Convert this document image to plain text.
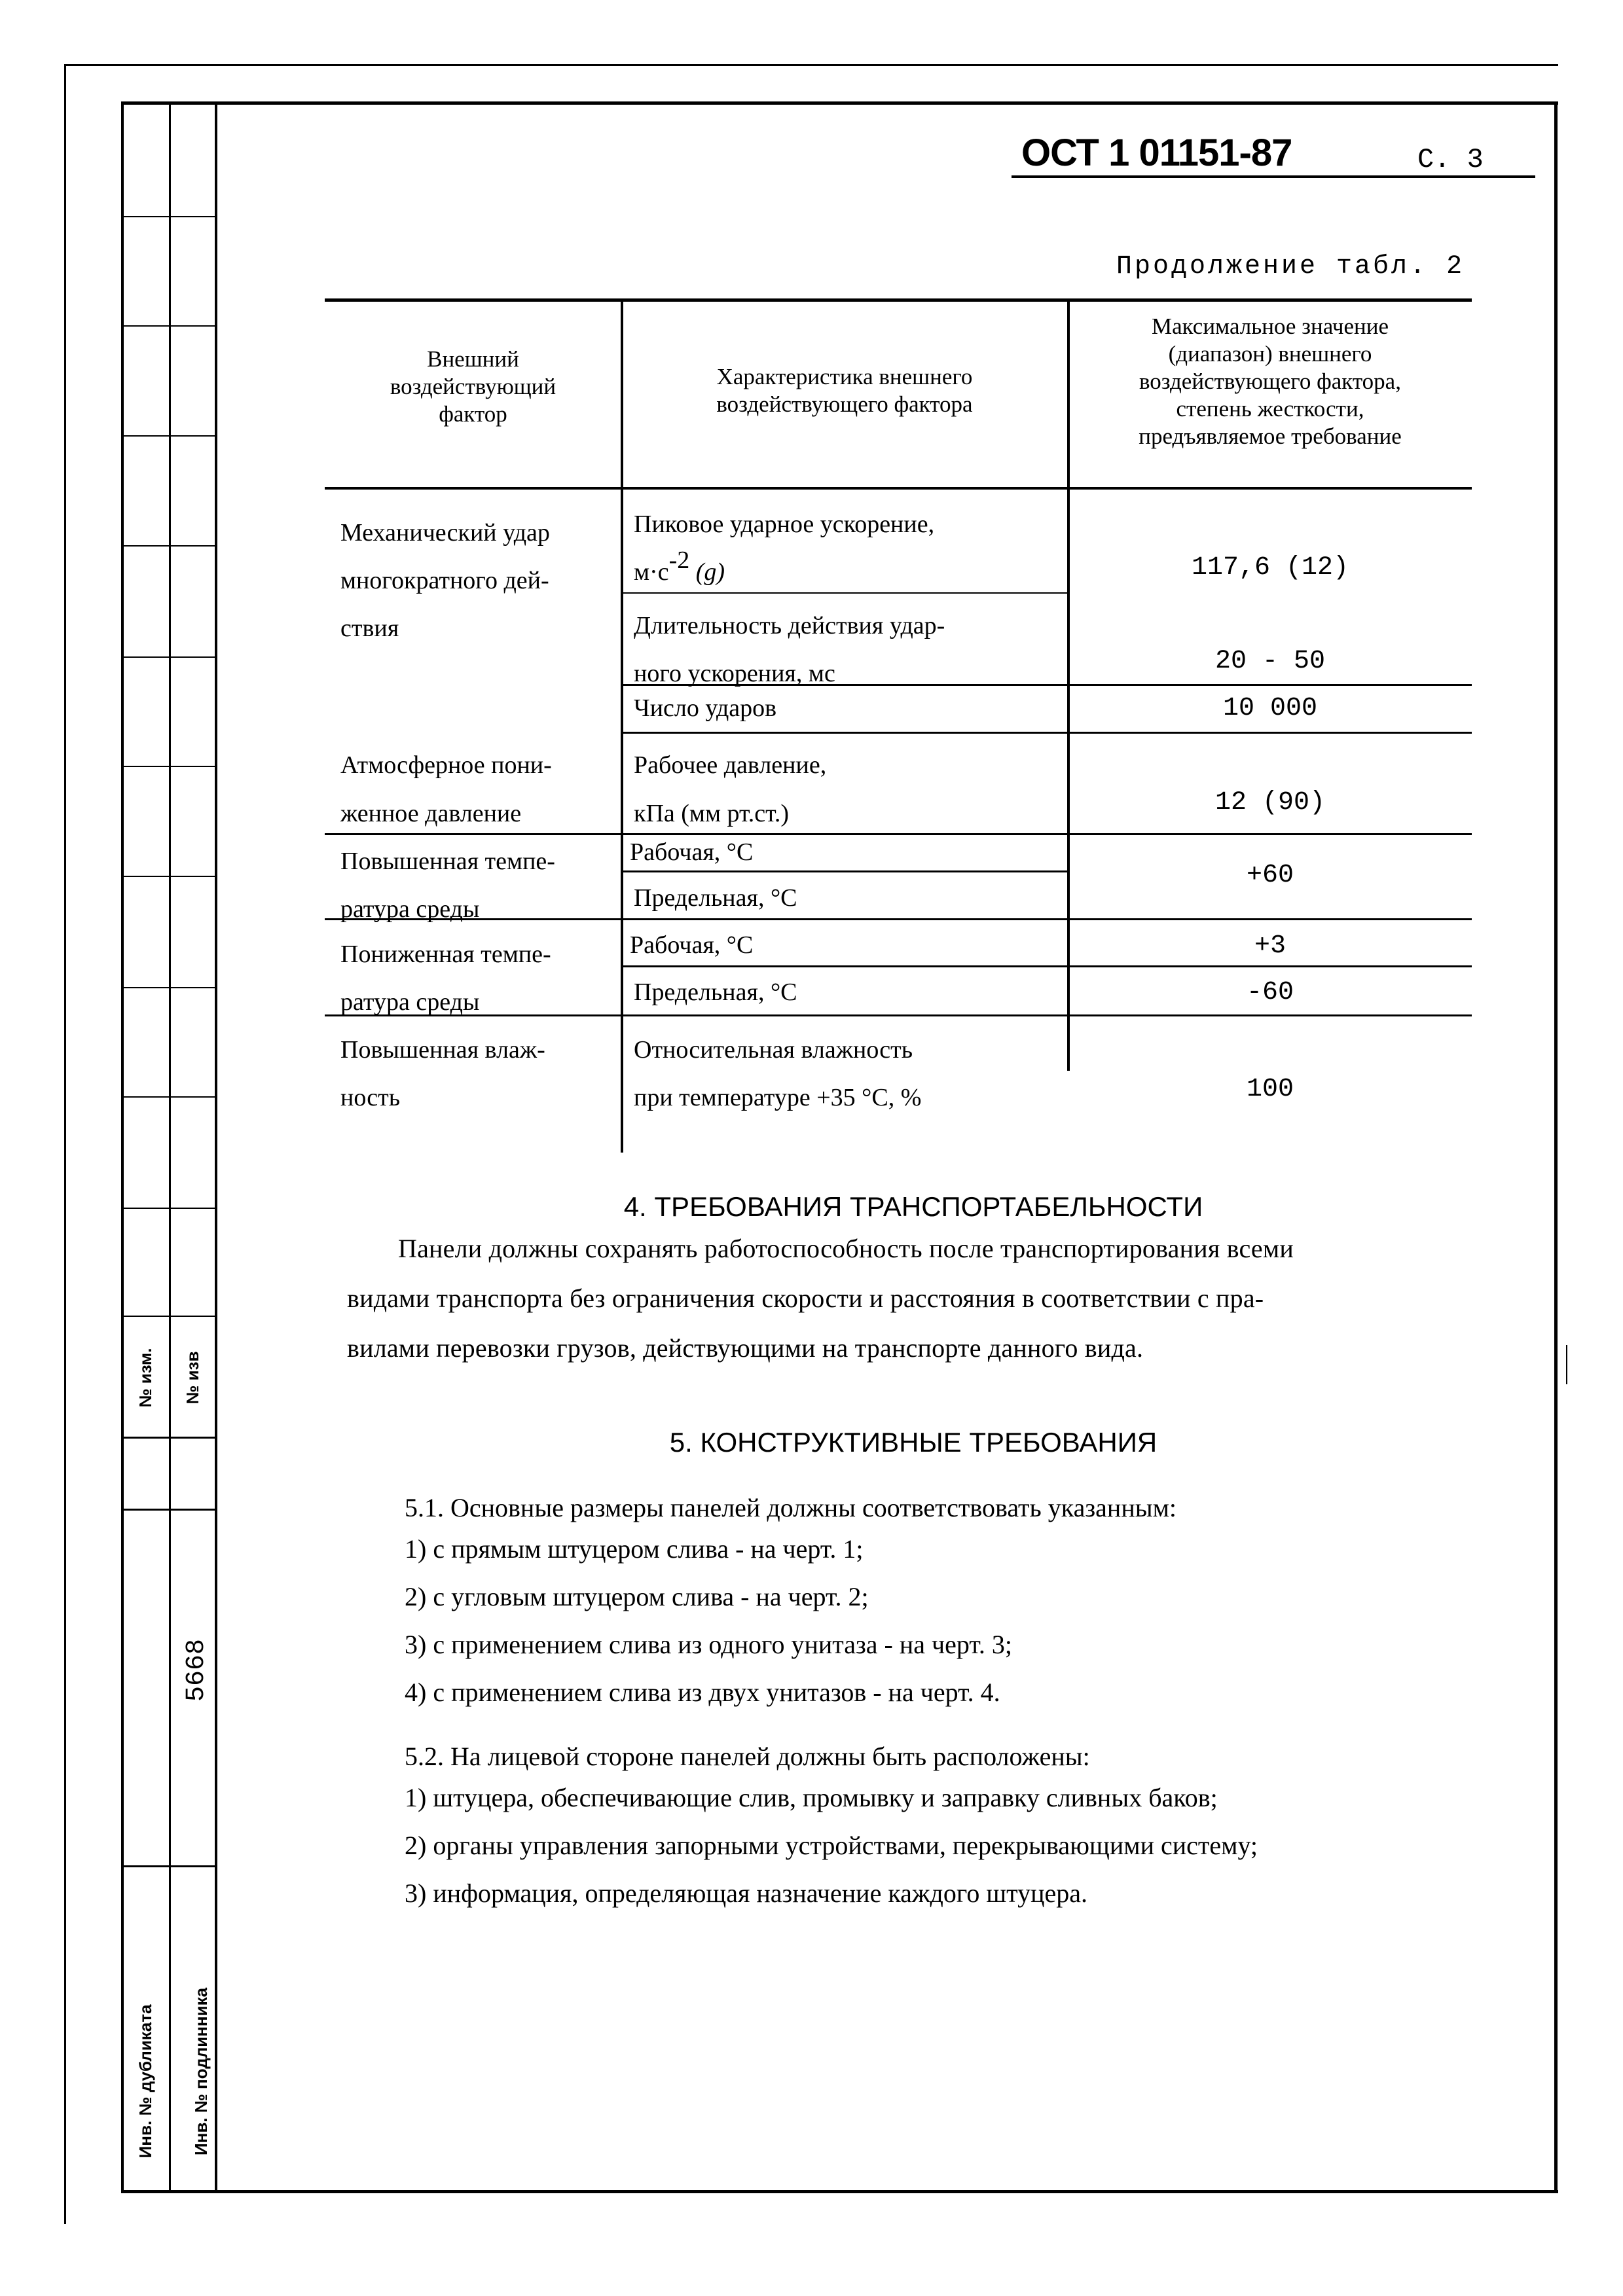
№ изм. № изв
5668
Инв. № дубликата Инв. № подлинника
ОСТ 1 01151-87	С. 3
Продолжение табл. 2
Внешний
воздействующий
фактор
Характеристика внешнего
воздействующего фактора
Максимальное значение
(диапазон) внешнего
воздействующего фактора,
степень жесткости,
предъявляемое требование
Механический удар
многократного дей-
ствия
Атмосферное пони-
женное давление
Повышенная темпе-
ратура среды
Пониженная темпе-
ратура среды
Повышенная влаж-
ность
Пиковое ударное ускорение,
$м\cdot с^{-2}$ (g)
Длительность действия удар-
ного ускорения, мс
Число ударов
Рабочее давление,
кПа (мм рт.ст.)
Рабочая, °С
Предельная, °С
Рабочая, °С
Предельная, °С
Относительная влажность
при температуре +35 °С, %
117,6 (12)
20 - 50
10 000
12 (90)
+60
+3
-60
100
4. ТРЕБОВАНИЯ ТРАНСПОРТАБЕЛЬНОСТИ
Панели должны сохранять работоспособность после транспортирования всеми
видами транспорта без ограничения скорости и расстояния в соответствии с пра-
вилами перевозки грузов, действующими на транспорте данного вида.
5. КОНСТРУКТИВНЫЕ ТРЕБОВАНИЯ
5.1. Основные размеры панелей должны соответствовать указанным:
1) с прямым штуцером слива - на черт. 1;
2) с угловым штуцером слива - на черт. 2;
3) с применением слива из одного унитаза - на черт. 3;
4) с применением слива из двух унитазов - на черт. 4.
5.2. На лицевой стороне панелей должны быть расположены:
1) штуцера, обеспечивающие слив, промывку и заправку сливных баков;
2) органы управления запорными устройствами, перекрывающими систему;
3) информация, определяющая назначение каждого штуцера.
